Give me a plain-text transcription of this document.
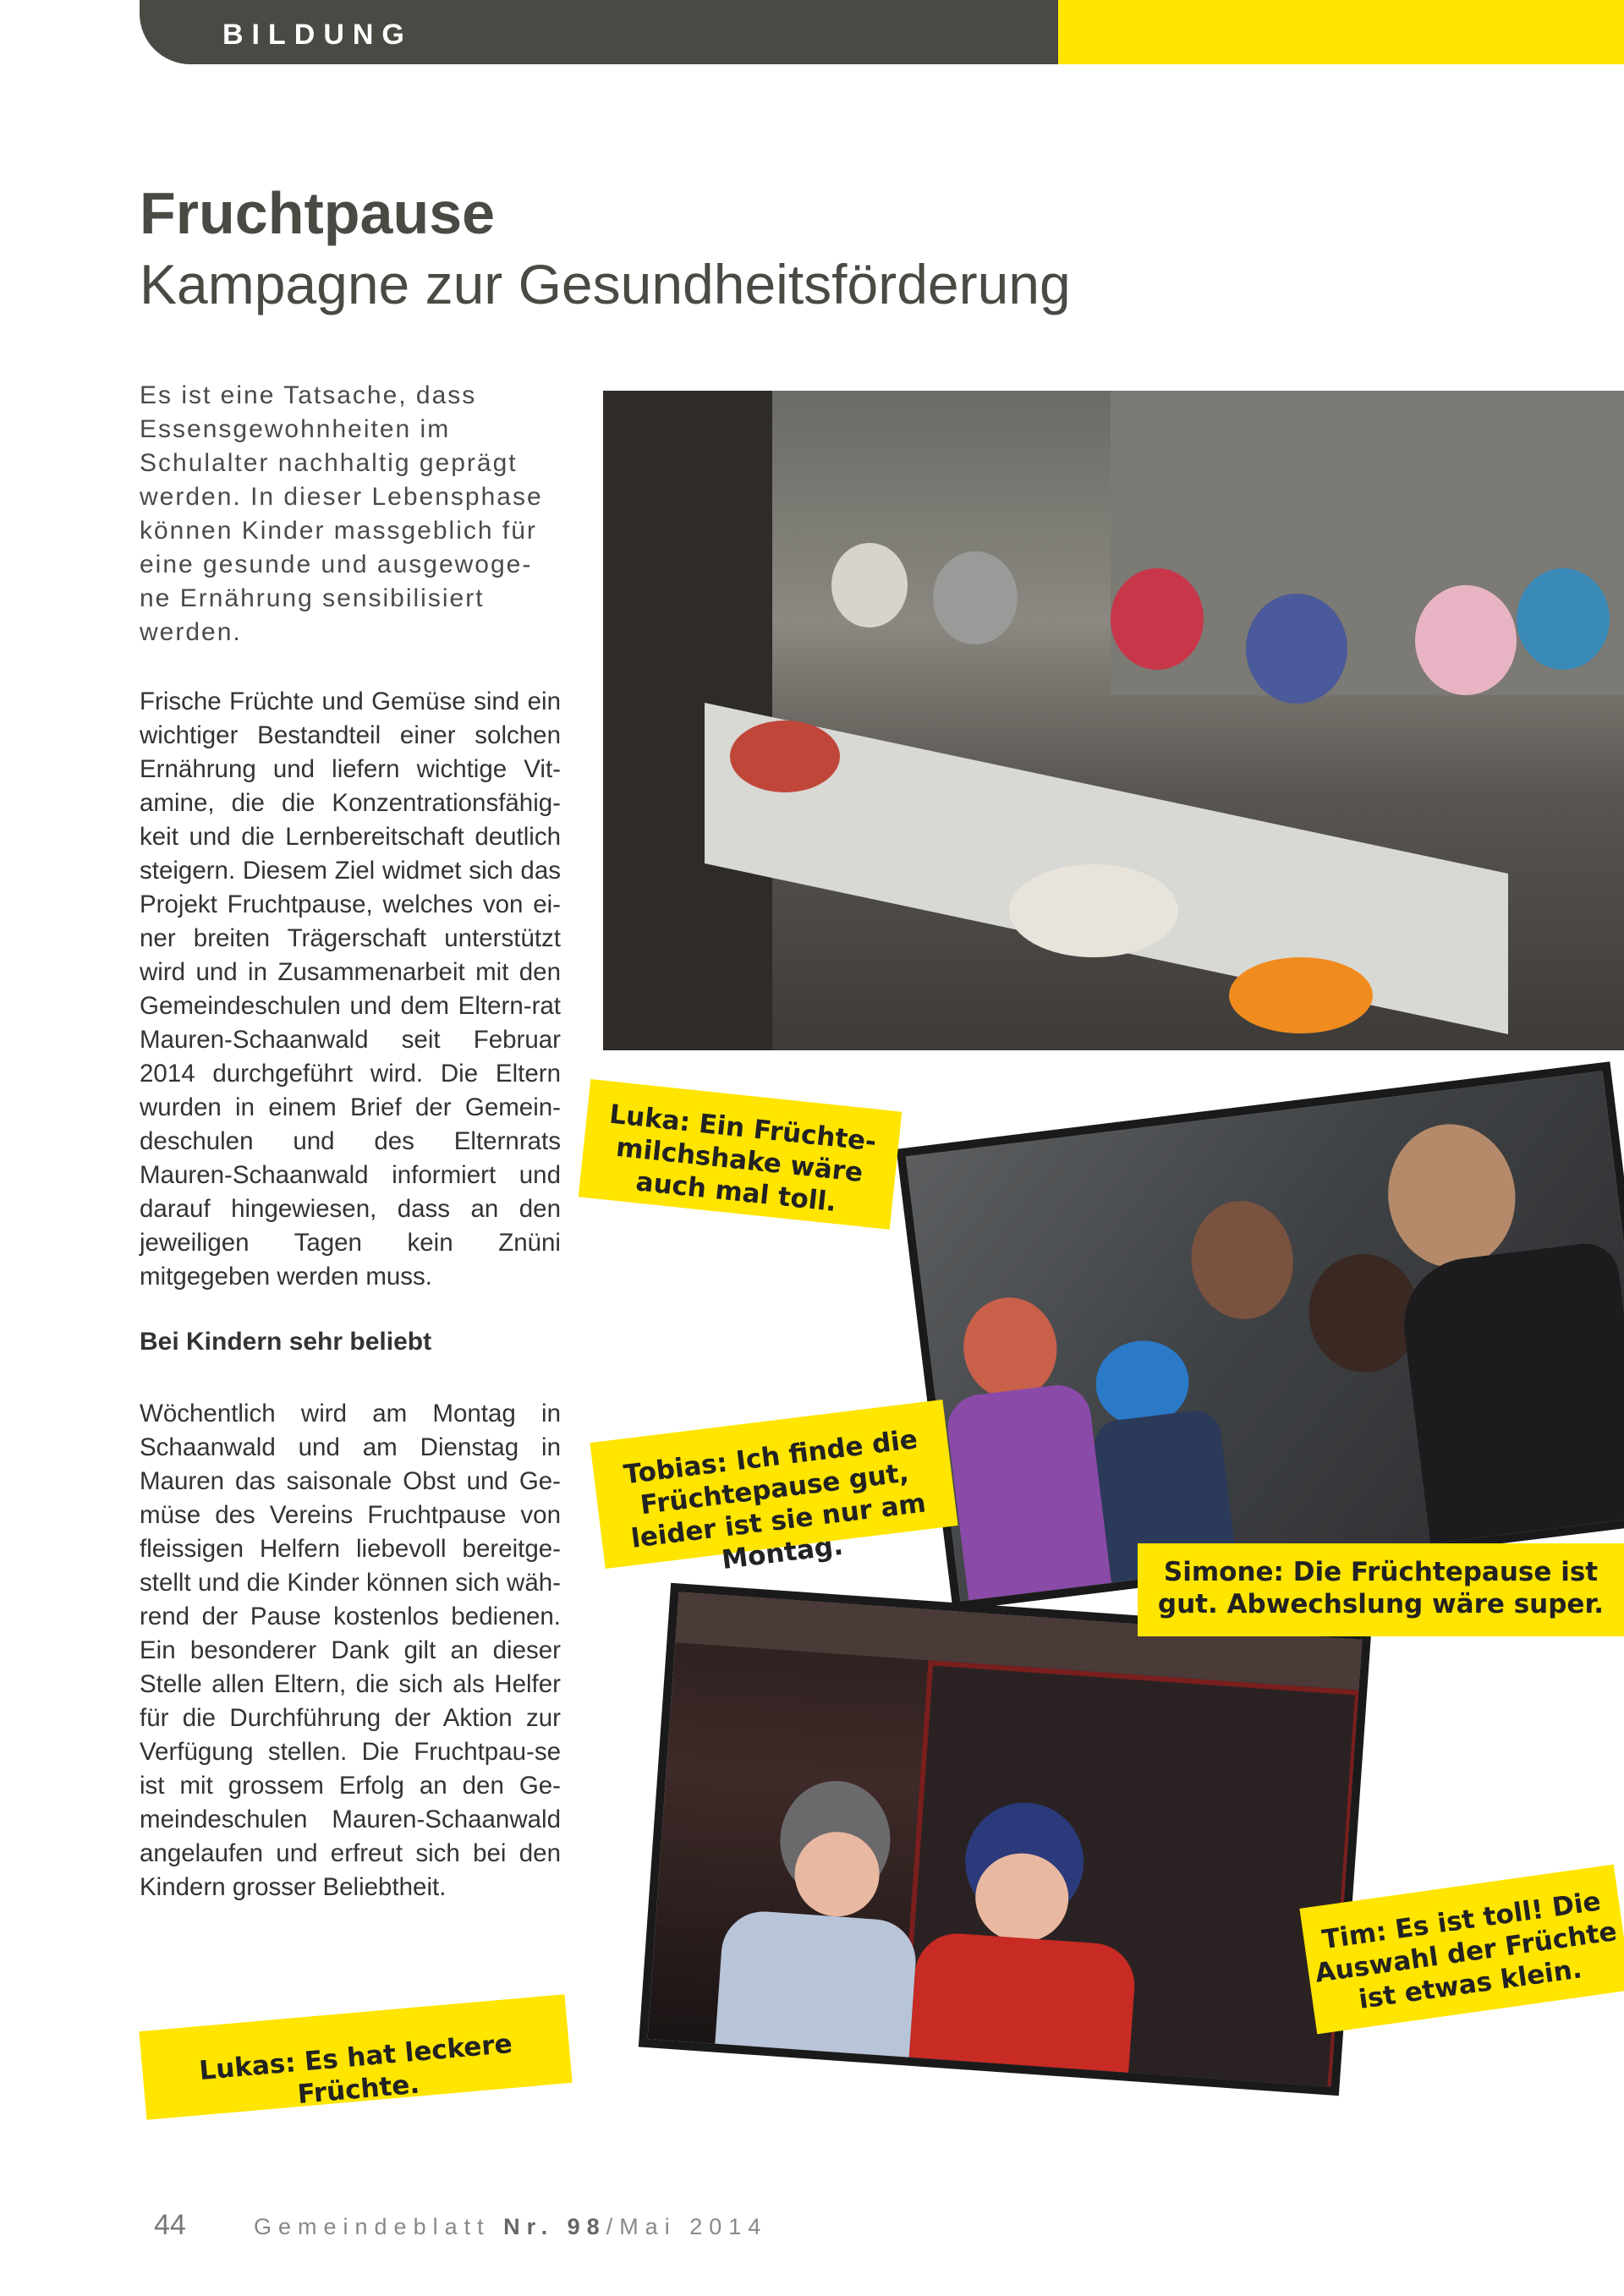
BILDUNG
Fruchtpause
Kampagne zur Gesundheitsförderung
Es ist eine Tatsache, dass Essensgewohnheiten im Schulalter nachhaltig geprägt werden. In dieser Lebensphase können Kinder massgeblich für eine gesunde und ausgewoge-ne Ernährung sensibilisiert werden.
Frische Früchte und Gemüse sind ein wichtiger Bestandteil einer solchen Ernährung und liefern wichtige Vit-amine, die die Konzentrationsfähig-keit und die Lernbereitschaft deutlich steigern. Diesem Ziel widmet sich das Projekt Fruchtpause, welches von ei-ner breiten Trägerschaft unterstützt wird und in Zusammenarbeit mit den Gemeindeschulen und dem Eltern-rat Mauren-Schaanwald seit Februar 2014 durchgeführt wird. Die Eltern wurden in einem Brief der Gemein-deschulen und des Elternrats Mauren-Schaanwald informiert und darauf hingewiesen, dass an den jeweiligen Tagen kein Znüni mitgegeben werden muss.
Bei Kindern sehr beliebt
Wöchentlich wird am Montag in Schaanwald und am Dienstag in Mauren das saisonale Obst und Ge-müse des Vereins Fruchtpause von fleissigen Helfern liebevoll bereitge-stellt und die Kinder können sich wäh-rend der Pause kostenlos bedienen. Ein besonderer Dank gilt an dieser Stelle allen Eltern, die sich als Helfer für die Durchführung der Aktion zur Verfügung stellen. Die Fruchtpau-se ist mit grossem Erfolg an den Ge-meindeschulen Mauren-Schaanwald angelaufen und erfreut sich bei den Kindern grosser Beliebtheit.
Luka: Ein Früchte-milchshake wäre auch mal toll.
Tobias: Ich finde die Früchtepause gut, leider ist sie nur am Montag.	Simone: Die Früchtepause ist gut. Abwechslung wäre super.
Tim: Es ist toll! Die Auswahl der Früchte ist etwas klein.
Lukas: Es hat leckere Früchte.
44	Gemeindeblatt Nr. 98/Mai 2014
